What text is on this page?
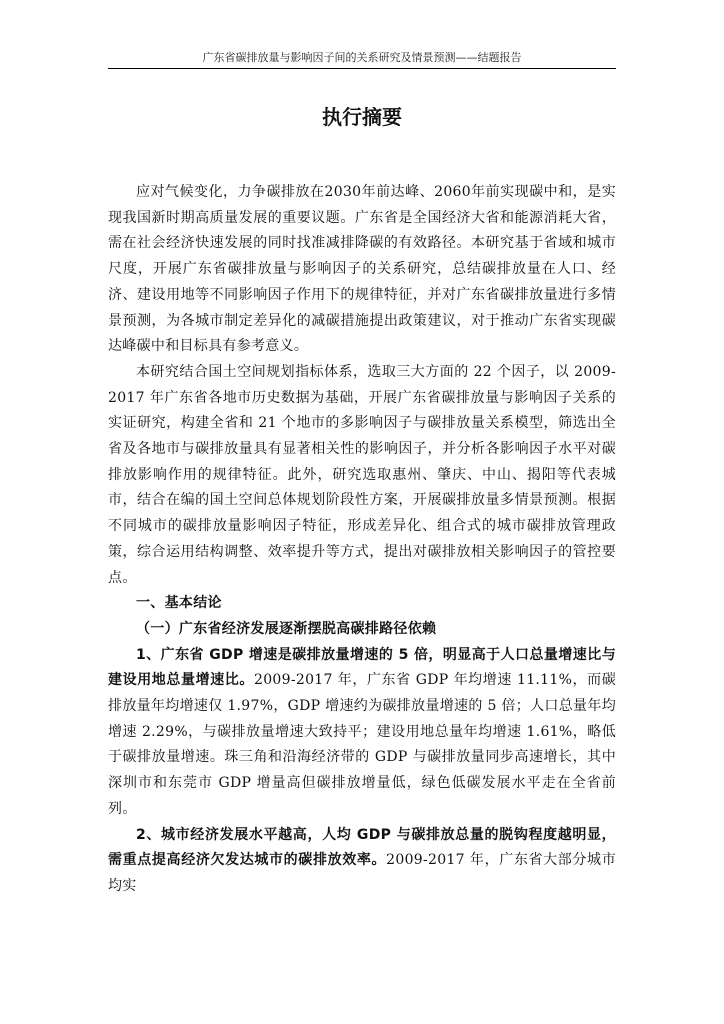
广东省碳排放量与影响因子间的关系研究及情景预测——结题报告
执行摘要

应对气候变化，力争碳排放在2030年前达峰、2060年前实现碳中和，是实现我国新时期高质量发展的重要议题。广东省是全国经济大省和能源消耗大省，需在社会经济快速发展的同时找准减排降碳的有效路径。本研究基于省域和城市尺度，开展广东省碳排放量与影响因子的关系研究，总结碳排放量在人口、经济、建设用地等不同影响因子作用下的规律特征，并对广东省碳排放量进行多情景预测，为各城市制定差异化的减碳措施提出政策建议，对于推动广东省实现碳达峰碳中和目标具有参考意义。

本研究结合国土空间规划指标体系，选取三大方面的 22 个因子，以 2009-2017 年广东省各地市历史数据为基础，开展广东省碳排放量与影响因子关系的实证研究，构建全省和 21 个地市的多影响因子与碳排放量关系模型，筛选出全省及各地市与碳排放量具有显著相关性的影响因子，并分析各影响因子水平对碳排放影响作用的规律特征。此外，研究选取惠州、肇庆、中山、揭阳等代表城市，结合在编的国土空间总体规划阶段性方案，开展碳排放量多情景预测。根据不同城市的碳排放量影响因子特征，形成差异化、组合式的城市碳排放管理政策，综合运用结构调整、效率提升等方式，提出对碳排放相关影响因子的管控要点。

一、基本结论

（一）广东省经济发展逐渐摆脱高碳排路径依赖

1、广东省 GDP 增速是碳排放量增速的 5 倍，明显高于人口总量增速比与建设用地总量增速比。2009-2017 年，广东省 GDP 年均增速 11.11%，而碳排放量年均增速仅 1.97%，GDP 增速约为碳排放量增速的 5 倍；人口总量年均增速 2.29%，与碳排放量增速大致持平；建设用地总量年均增速 1.61%，略低于碳排放量增速。珠三角和沿海经济带的 GDP 与碳排放量同步高速增长，其中深圳市和东莞市 GDP 增量高但碳排放增量低，绿色低碳发展水平走在全省前列。

2、城市经济发展水平越高，人均 GDP 与碳排放总量的脱钩程度越明显，需重点提高经济欠发达城市的碳排放效率。2009-2017 年，广东省大部分城市均实
